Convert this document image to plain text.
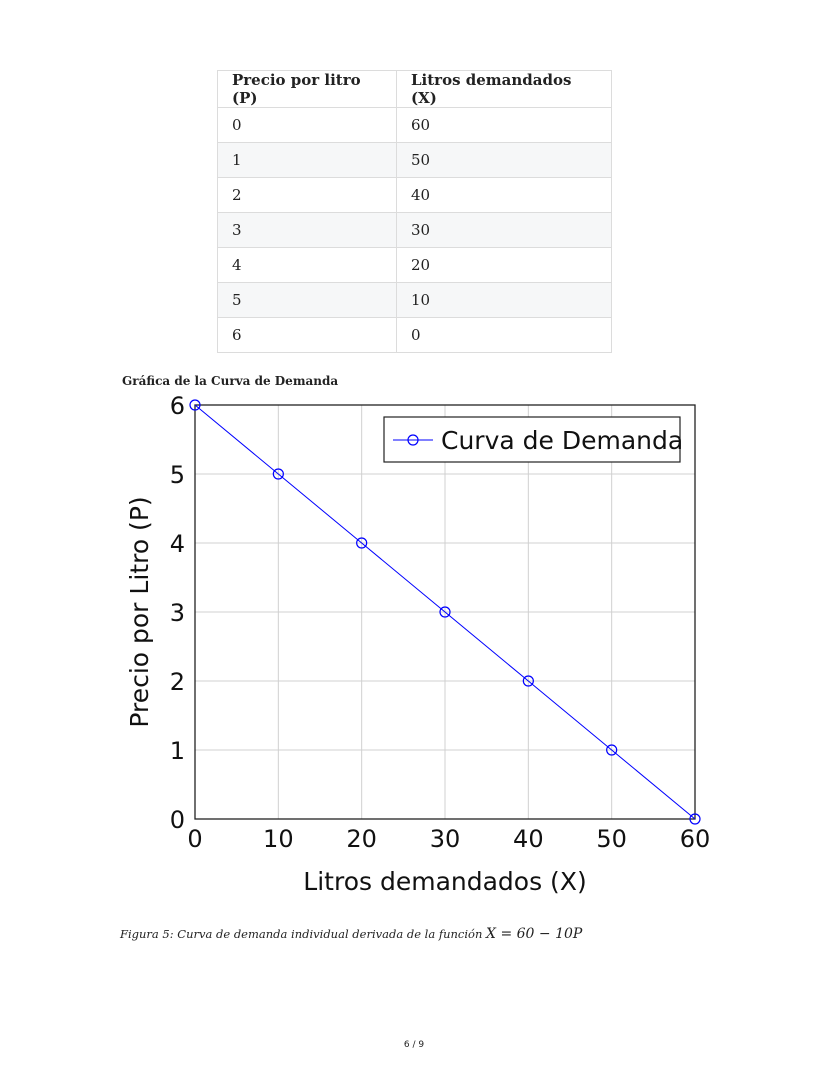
Precio por litro (P)	Litros demandados (X)
0	60
1	50
2	40
3	30
4	20
5	10
6	0
Gráfica de la Curva de Demanda
0	10 20 30 40 50 60
0
1
2
3
4
5
6
Curva de Demanda
Litros demandados (X)
Precio por Litro (P)
Figura 5: Curva de demanda individual derivada de la función X = 60 − 10P
6 / 9
